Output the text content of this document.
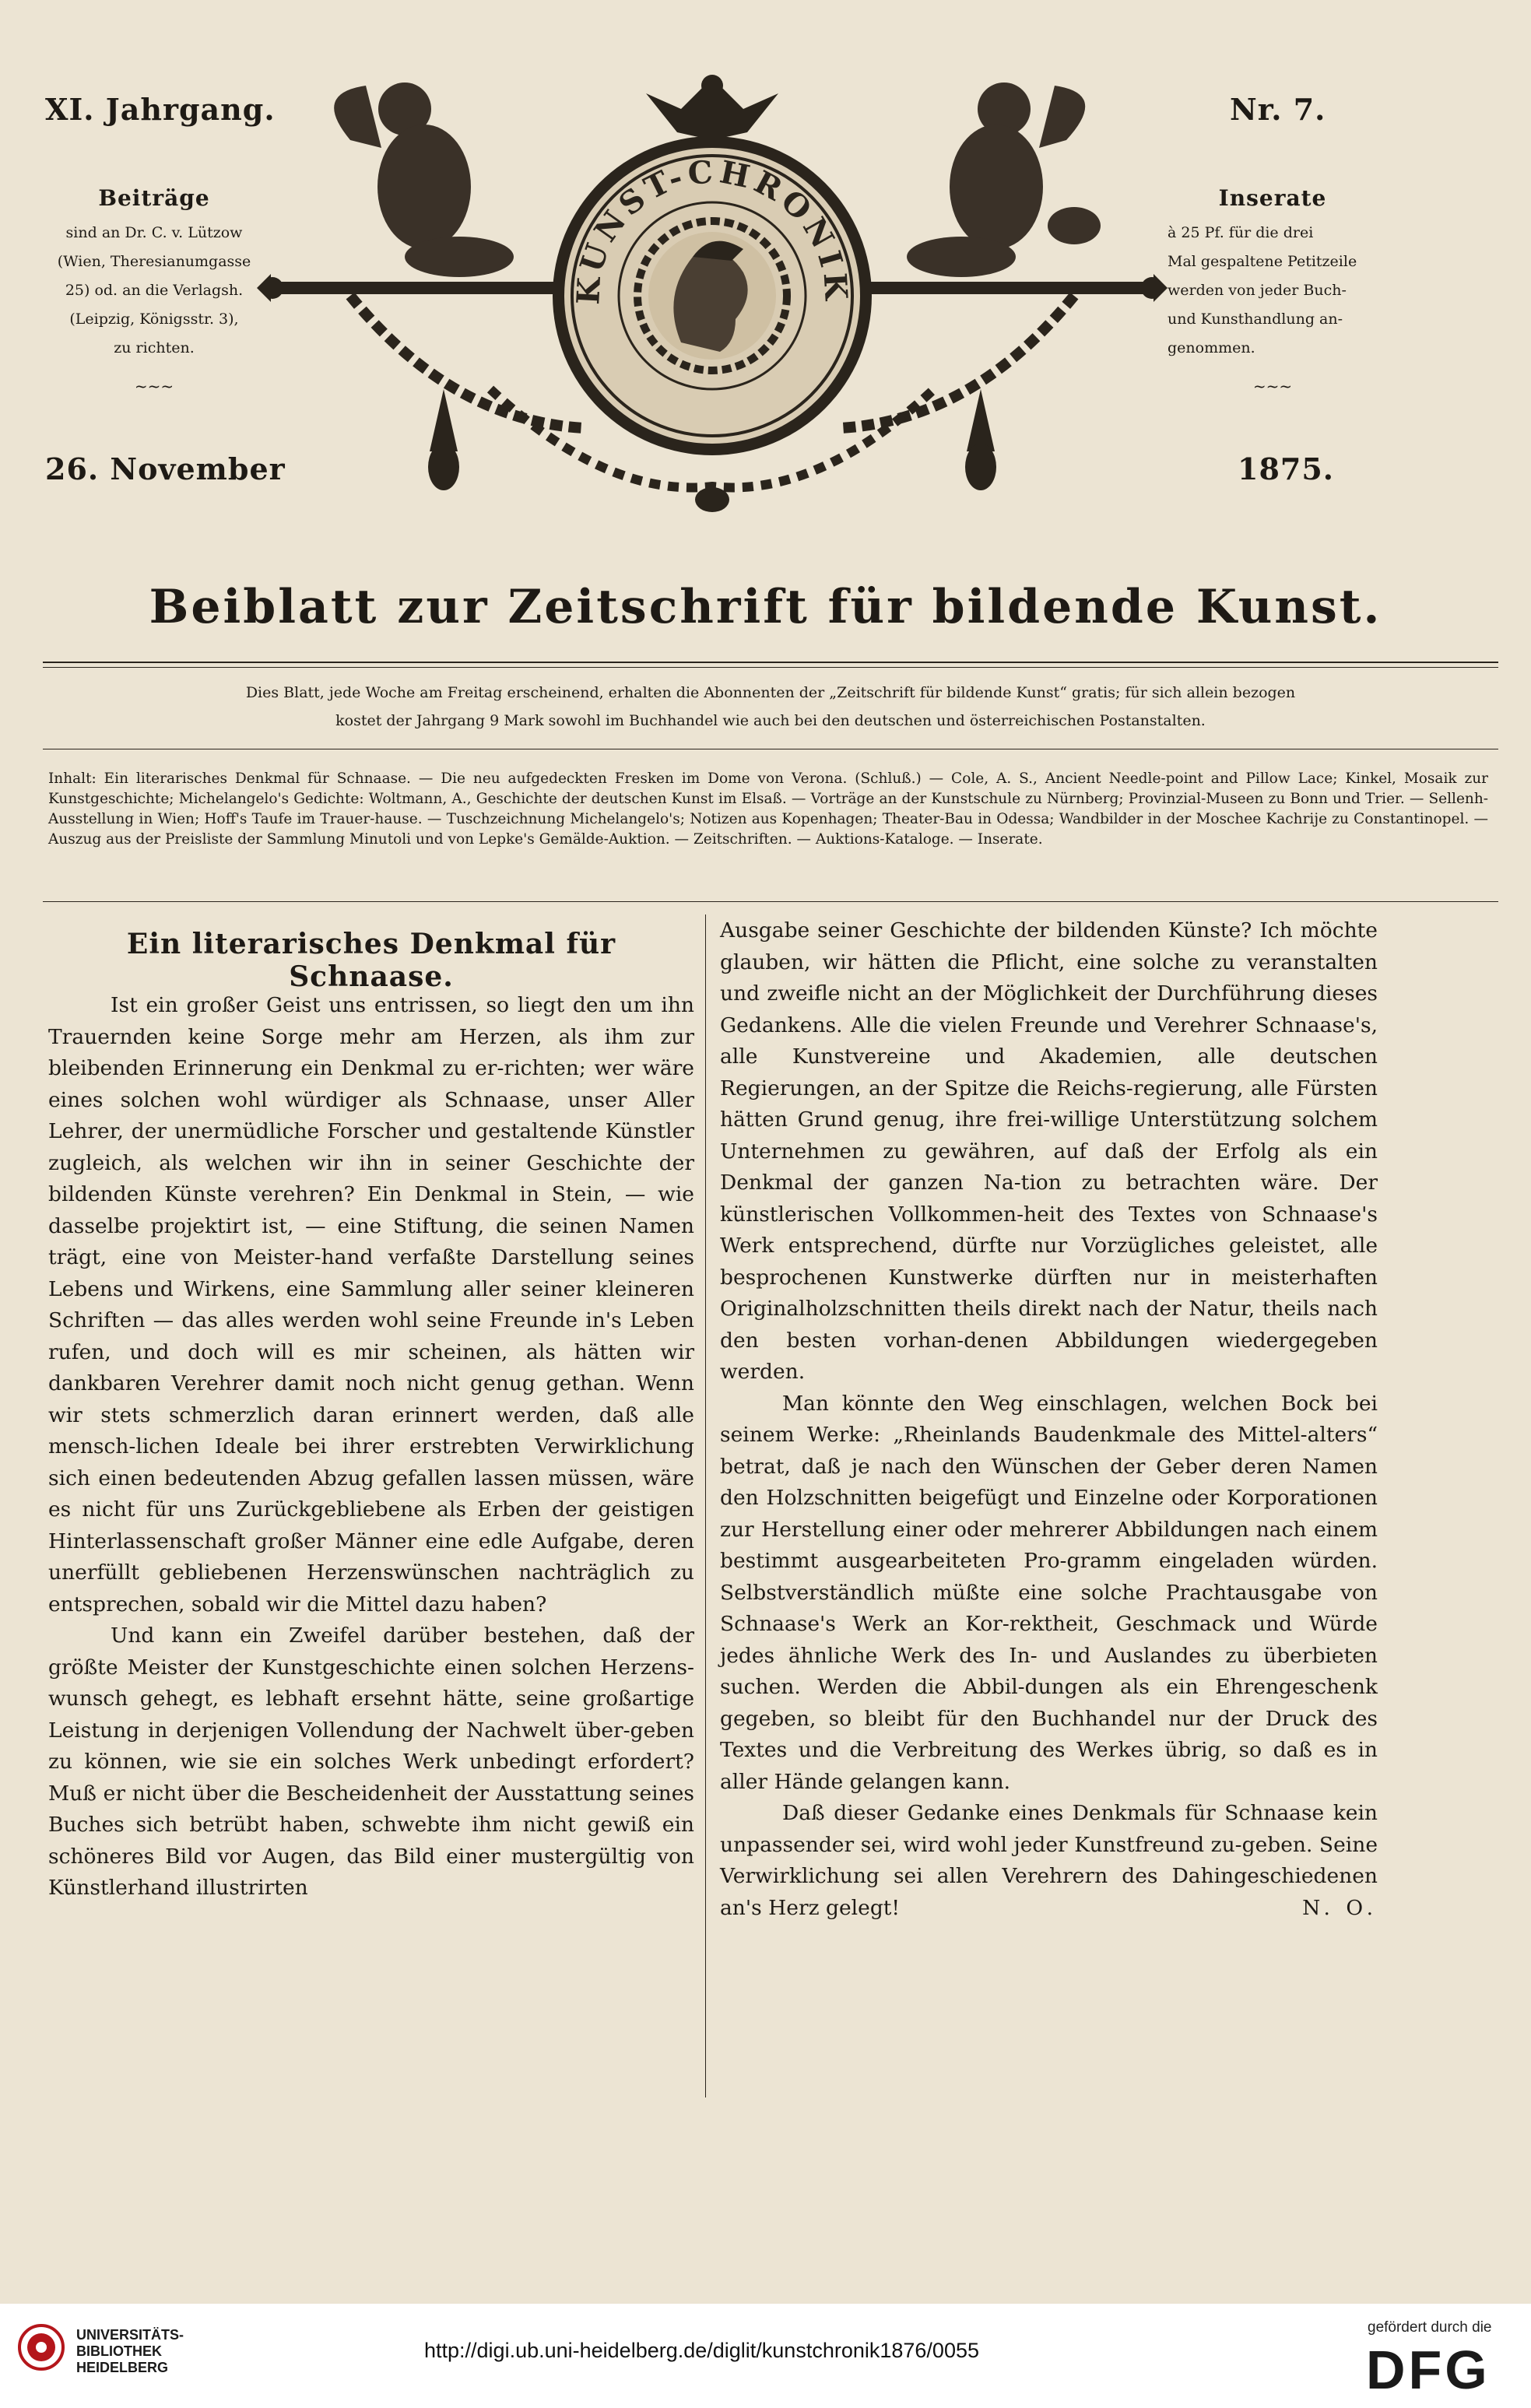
XI. Jahrgang.	Nr. 7.
Beiträge
sind an Dr. C. v. Lützow
(Wien, Theresianumgasse
25) od. an die Verlagsh.
(Leipzig, Königsstr. 3),
zu richten.
~~~
Inserate
à 25 Pf. für die drei
Mal gespaltene Petitzeile
werden von jeder Buch-
und Kunsthandlung an-
genommen.
~~~
26. November	1875.
KUNST-CHRONIK
Beiblatt zur Zeitschrift für bildende Kunst.
Dies Blatt, jede Woche am Freitag erscheinend, erhalten die Abonnenten der „Zeitschrift für bildende Kunst“ gratis; für sich allein bezogen
kostet der Jahrgang 9 Mark sowohl im Buchhandel wie auch bei den deutschen und österreichischen Postanstalten.
Inhalt: Ein literarisches Denkmal für Schnaase. — Die neu aufgedeckten Fresken im Dome von Verona. (Schluß.) — Cole, A. S., Ancient Needle-point and Pillow Lace; Kinkel, Mosaik zur Kunstgeschichte; Michelangelo's Gedichte: Woltmann, A., Geschichte der deutschen Kunst im Elsaß. — Vorträge an der Kunstschule zu Nürnberg; Provinzial-Museen zu Bonn und Trier. — Sellenh-Ausstellung in Wien; Hoff's Taufe im Trauer-hause. — Tuschzeichnung Michelangelo's; Notizen aus Kopenhagen; Theater-Bau in Odessa; Wandbilder in der Moschee Kachrije zu Constantinopel. — Auszug aus der Preisliste der Sammlung Minutoli und von Lepke's Gemälde-Auktion. — Zeitschriften. — Auktions-Kataloge. — Inserate.
Ein literarisches Denkmal für Schnaase.

Ist ein großer Geist uns entrissen, so liegt den um ihn Trauernden keine Sorge mehr am Herzen, als ihm zur bleibenden Erinnerung ein Denkmal zu er-richten; wer wäre eines solchen wohl würdiger als Schnaase, unser Aller Lehrer, der unermüdliche Forscher und gestaltende Künstler zugleich, als welchen wir ihn in seiner Geschichte der bildenden Künste verehren? Ein Denkmal in Stein, — wie dasselbe projektirt ist, — eine Stiftung, die seinen Namen trägt, eine von Meister-hand verfaßte Darstellung seines Lebens und Wirkens, eine Sammlung aller seiner kleineren Schriften — das alles werden wohl seine Freunde in's Leben rufen, und doch will es mir scheinen, als hätten wir dankbaren Verehrer damit noch nicht genug gethan. Wenn wir stets schmerzlich daran erinnert werden, daß alle mensch-lichen Ideale bei ihrer erstrebten Verwirklichung sich einen bedeutenden Abzug gefallen lassen müssen, wäre es nicht für uns Zurückgebliebene als Erben der geistigen Hinterlassenschaft großer Männer eine edle Aufgabe, deren unerfüllt gebliebenen Herzenswünschen nachträglich zu entsprechen, sobald wir die Mittel dazu haben?

Und kann ein Zweifel darüber bestehen, daß der größte Meister der Kunstgeschichte einen solchen Herzens-wunsch gehegt, es lebhaft ersehnt hätte, seine großartige Leistung in derjenigen Vollendung der Nachwelt über-geben zu können, wie sie ein solches Werk unbedingt erfordert? Muß er nicht über die Bescheidenheit der Ausstattung seines Buches sich betrübt haben, schwebte ihm nicht gewiß ein schöneres Bild vor Augen, das Bild einer mustergültig von Künstlerhand illustrirten

Ausgabe seiner Geschichte der bildenden Künste? Ich möchte glauben, wir hätten die Pflicht, eine solche zu veranstalten und zweifle nicht an der Möglichkeit der Durchführung dieses Gedankens. Alle die vielen Freunde und Verehrer Schnaase's, alle Kunstvereine und Akademien, alle deutschen Regierungen, an der Spitze die Reichs-regierung, alle Fürsten hätten Grund genug, ihre frei-willige Unterstützung solchem Unternehmen zu gewähren, auf daß der Erfolg als ein Denkmal der ganzen Na-tion zu betrachten wäre. Der künstlerischen Vollkommen-heit des Textes von Schnaase's Werk entsprechend, dürfte nur Vorzügliches geleistet, alle besprochenen Kunstwerke dürften nur in meisterhaften Originalholzschnitten theils direkt nach der Natur, theils nach den besten vorhan-denen Abbildungen wiedergegeben werden.

Man könnte den Weg einschlagen, welchen Bock bei seinem Werke: „Rheinlands Baudenkmale des Mittel-alters“ betrat, daß je nach den Wünschen der Geber deren Namen den Holzschnitten beigefügt und Einzelne oder Korporationen zur Herstellung einer oder mehrerer Abbildungen nach einem bestimmt ausgearbeiteten Pro-gramm eingeladen würden. Selbstverständlich müßte eine solche Prachtausgabe von Schnaase's Werk an Kor-rektheit, Geschmack und Würde jedes ähnliche Werk des In- und Auslandes zu überbieten suchen. Werden die Abbil-dungen als ein Ehrengeschenk gegeben, so bleibt für den Buchhandel nur der Druck des Textes und die Verbreitung des Werkes übrig, so daß es in aller Hände gelangen kann.

Daß dieser Gedanke eines Denkmals für Schnaase kein unpassender sei, wird wohl jeder Kunstfreund zu-geben. Seine Verwirklichung sei allen Verehrern des Dahingeschiedenen an's Herz gelegt!	N. O.

UNIVERSITÄTS-
BIBLIOTHEK
HEIDELBERG
http://digi.ub.uni-heidelberg.de/diglit/kunstchronik1876/0055
gefördert durch die
DFG
